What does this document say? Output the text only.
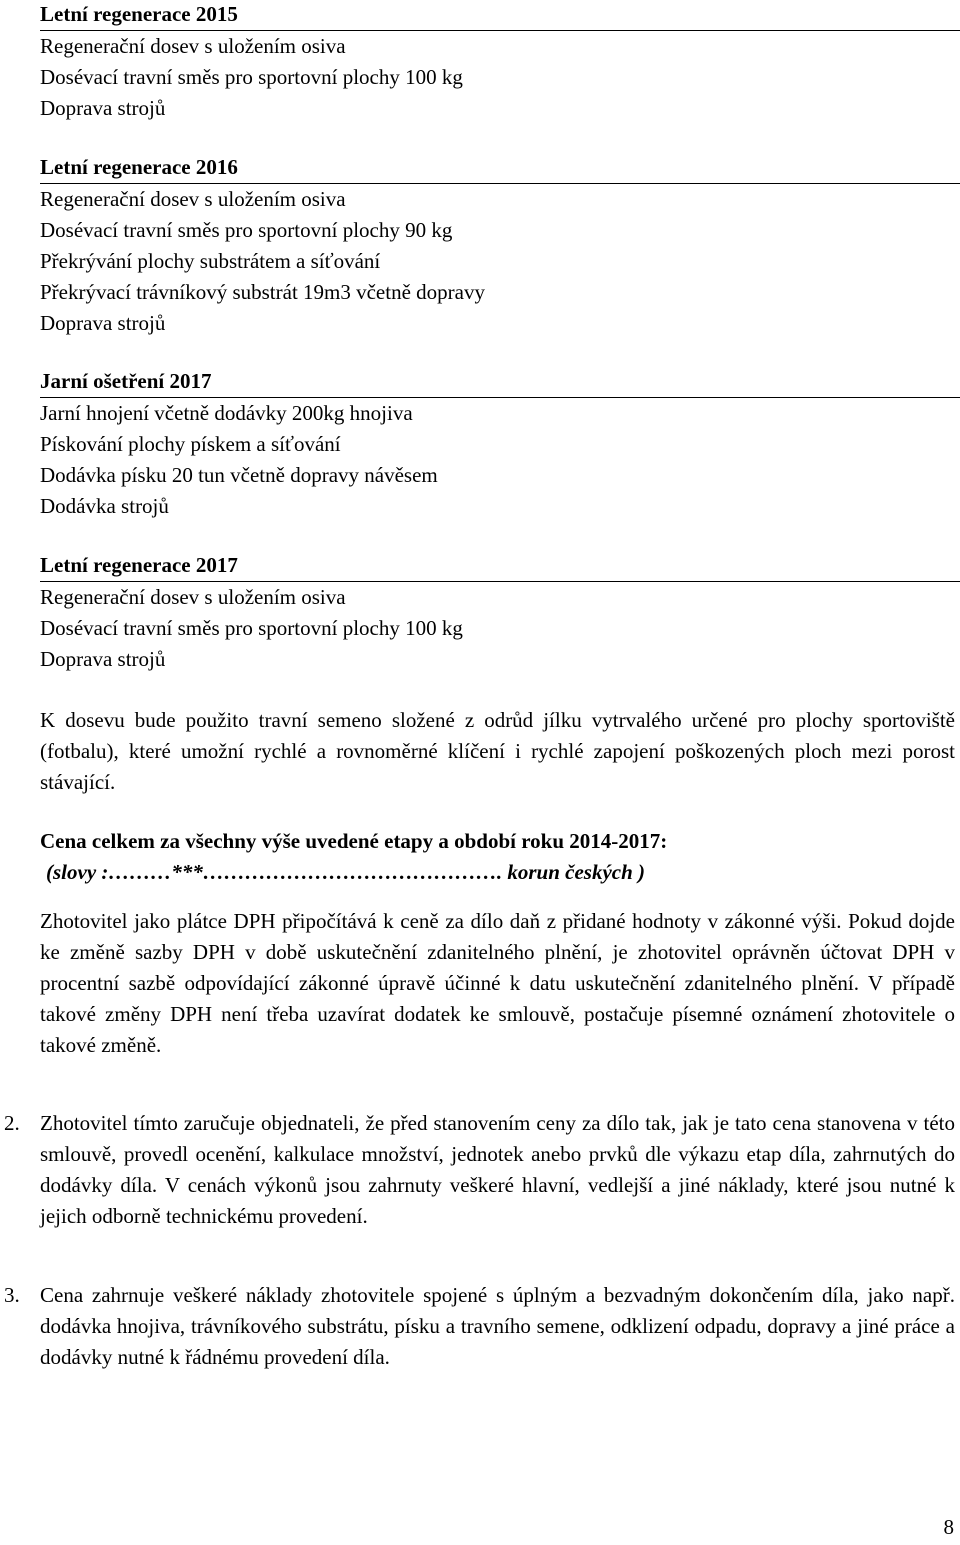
Letní regenerace 2015
Regenerační dosev s uložením osiva
Dosévací travní směs pro sportovní plochy 100 kg
Doprava strojů
Letní regenerace 2016
Regenerační dosev s uložením osiva
Dosévací travní směs pro sportovní plochy 90 kg
Překrývání plochy substrátem a síťování
Překrývací trávníkový substrát 19m3 včetně dopravy
Doprava strojů
Jarní ošetření 2017
Jarní hnojení včetně dodávky 200kg hnojiva
Pískování plochy pískem a síťování
Dodávka písku 20 tun včetně dopravy návěsem
Dodávka strojů
Letní regenerace 2017
Regenerační dosev s uložením osiva
Dosévací travní směs pro sportovní plochy 100 kg
Doprava strojů
K dosevu bude použito travní semeno složené z odrůd jílku vytrvalého určené pro plochy sportoviště (fotbalu), které umožní rychlé a rovnoměrné klíčení i rychlé zapojení poškozených ploch mezi porost stávající.
Cena celkem za všechny výše uvedené etapy a období roku 2014-2017:
(slovy :………***……………………………………. korun českých )
Zhotovitel jako plátce DPH připočítává k ceně za dílo daň z přidané hodnoty v zákonné výši. Pokud dojde ke změně sazby DPH v době uskutečnění zdanitelného plnění, je zhotovitel oprávněn účtovat DPH v procentní sazbě odpovídající zákonné úpravě účinné k datu uskutečnění zdanitelného plnění. V případě takové změny DPH není třeba uzavírat dodatek ke smlouvě, postačuje písemné oznámení zhotovitele o takové změně.
2. Zhotovitel tímto zaručuje objednateli, že před stanovením ceny za dílo tak, jak je tato cena stanovena v této smlouvě, provedl ocenění, kalkulace množství, jednotek anebo prvků dle výkazu etap díla, zahrnutých do dodávky díla. V cenách výkonů jsou zahrnuty veškeré hlavní, vedlejší a jiné náklady, které jsou nutné k jejich odborně technickému provedení.
3. Cena zahrnuje veškeré náklady zhotovitele spojené s úplným a bezvadným dokončením díla, jako např. dodávka hnojiva, trávníkového substrátu, písku a travního semene, odklizení odpadu, dopravy a jiné práce a dodávky nutné k řádnému provedení díla.
8
